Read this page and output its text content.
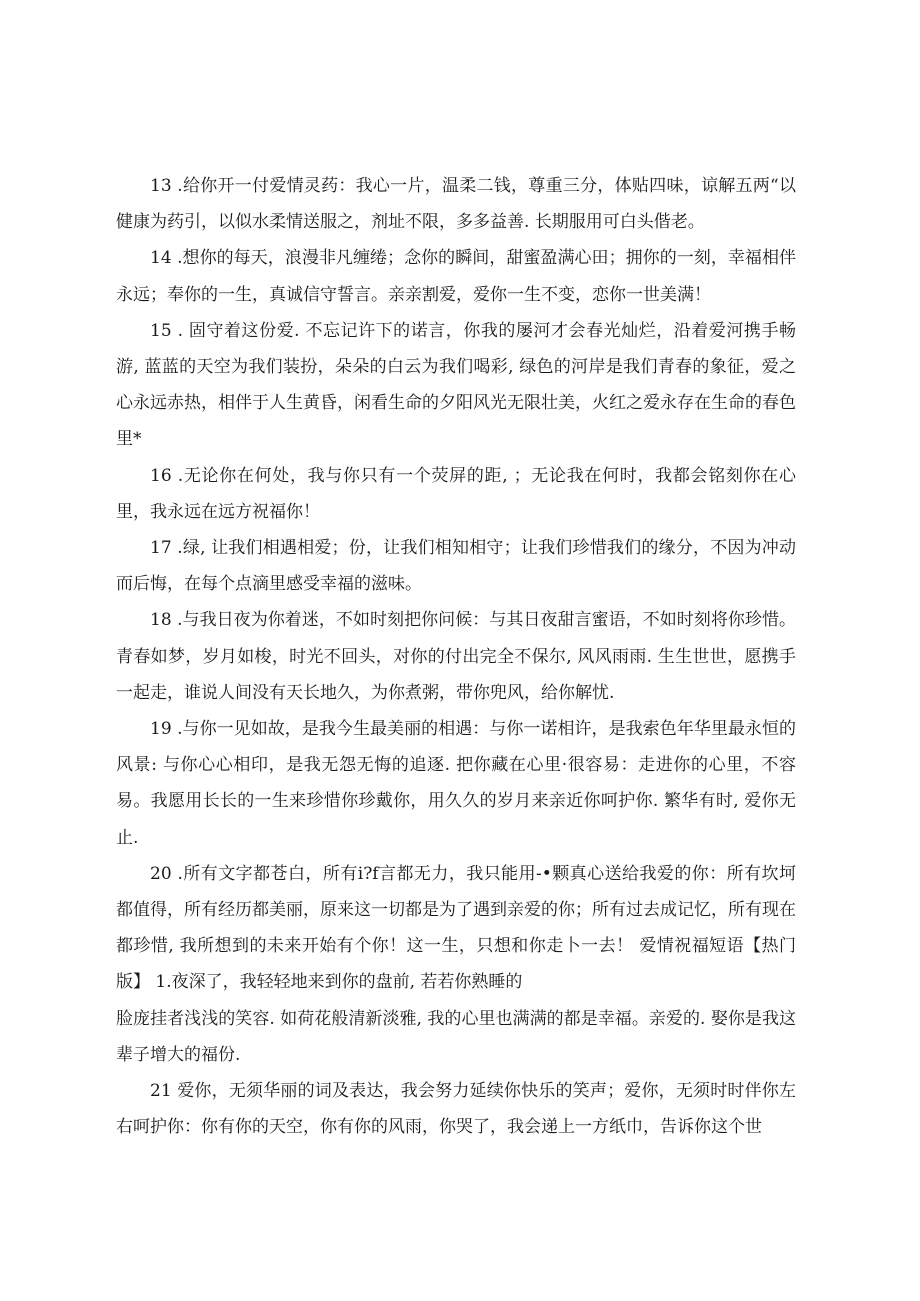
13 .给你开一付爱情灵药：我心一片，温柔二钱，尊重三分，体贴四味，谅解五两“以健康为药引，以似水柔情送服之，剂址不限，多多益善. 长期服用可白头偕老。

14 .想你的每天，浪漫非凡缠绻；念你的瞬间，甜蜜盈满心田；拥你的一刻，幸福相伴永远；奉你的一生，真诚信守誓言。亲亲割爱，爱你一生不变，恋你一世美满！

15 . 固守着这份爱. 不忘记许下的诺言，你我的屡河才会春光灿烂，沿着爱河携手畅游, 蓝蓝的天空为我们装扮，朵朵的白云为我们喝彩, 绿色的河岸是我们青春的象征，爱之心永远赤热，相伴于人生黄昏，闲看生命的夕阳风光无限壮美，火红之爱永存在生命的春色里*

16 .无论你在何处，我与你只有一个荧屏的距, ；无论我在何时，我都会铭刻你在心里，我永远在远方祝福你！

17 .绿, 让我们相遇相爱；份，让我们相知相守；让我们珍惜我们的缘分，不因为冲动而后悔，在每个点滴里感受幸福的滋味。

18 .与我日夜为你着迷，不如时刻把你问候：与其日夜甜言蜜语，不如时刻将你珍惜。青春如梦，岁月如梭，时光不回头，对你的付出完全不保尔, 风风雨雨. 生生世世，愿携手一起走，谁说人间没有天长地久，为你煮粥，带你兜风，给你解忧.

19 .与你一见如故，是我今生最美丽的相遇：与你一诺相许，是我索色年华里最永恒的风景: 与你心心相印，是我无怨无悔的追逐. 把你藏在心里·很容易：走进你的心里，不容易。我愿用长长的一生来珍惜你珍戴你，用久久的岁月来亲近你呵护你. 繁华有时, 爱你无止.

20 .所有文字都苍白，所有i?f言都无力，我只能用-•颗真心送给我爱的你：所有坎坷都值得，所有经历都美丽，原来这一切都是为了遇到亲爱的你；所有过去成记忆，所有现在都珍惜, 我所想到的未来开始有个你！这一生，只想和你走卜一去！ 爱情祝福短语【热门版】 1.夜深了，我轻轻地来到你的盘前, 若若你熟睡的

脸庞挂者浅浅的笑容. 如荷花般清新淡雅, 我的心里也满满的都是幸福。亲爱的. 娶你是我这辈子增大的福份.

21 爱你，无须华丽的词及表达，我会努力延续你快乐的笑声；爱你，无须时时伴你左右呵护你：你有你的天空，你有你的风雨，你哭了，我会递上一方纸巾，告诉你这个世
